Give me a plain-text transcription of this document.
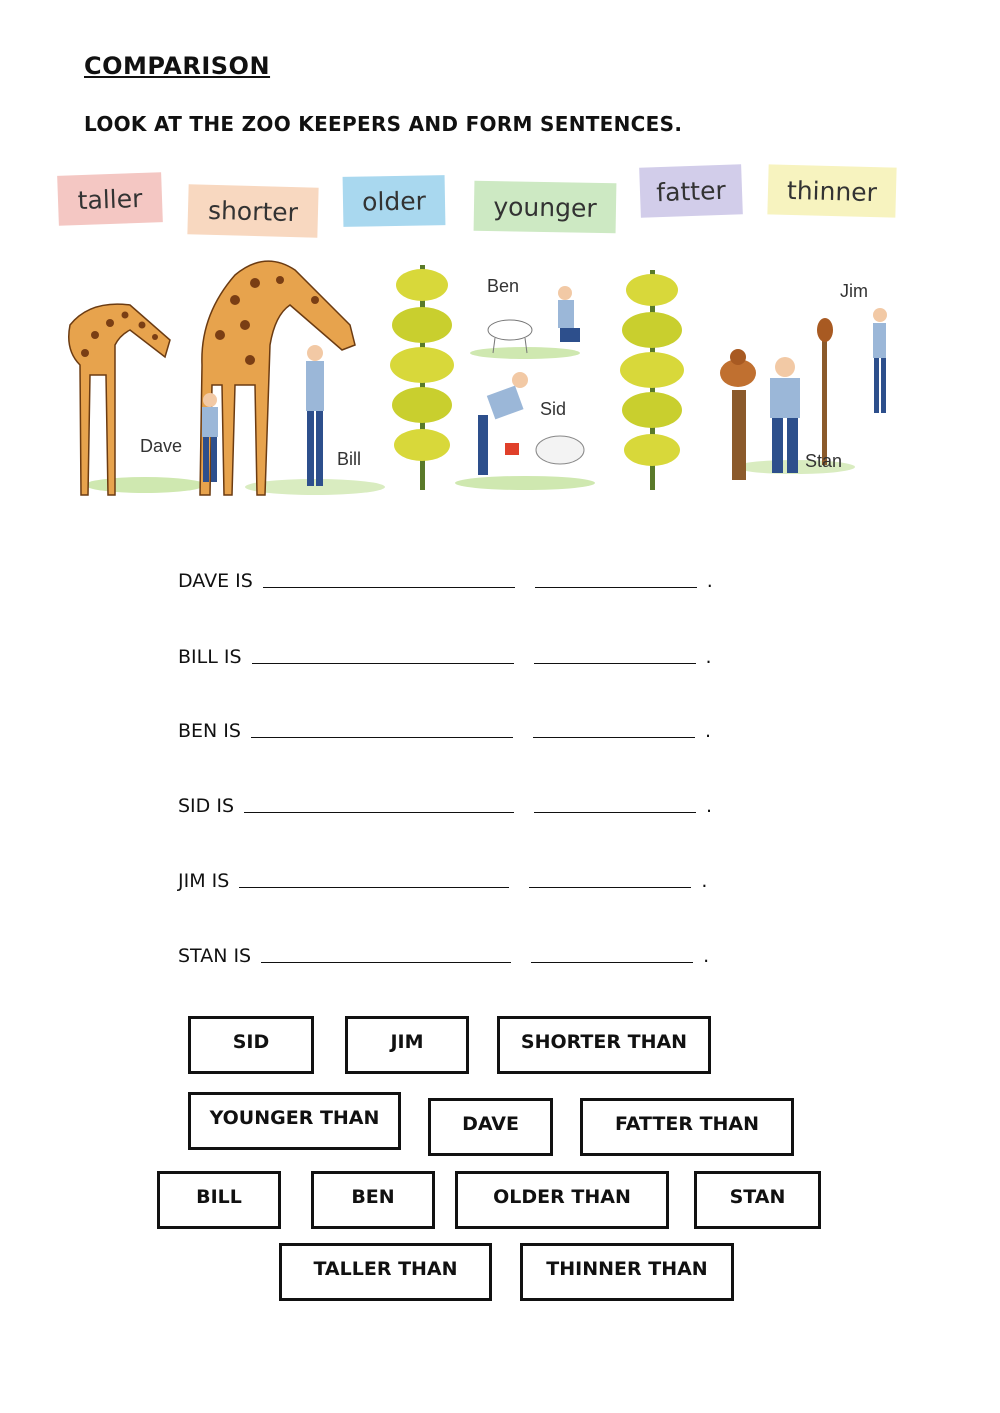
COMPARISON
LOOK AT THE ZOO KEEPERS AND FORM SENTENCES.
taller	shorter	older	younger
fatter	thinner
Dave
Bill
Ben
Sid
Jim
Stan
DAVE IS	.
BILL IS	.
BEN IS	.
SID IS	.
JIM IS	.
STAN IS	.
SID	JIM	SHORTER THAN
YOUNGER THAN	DAVE	FATTER THAN
BILL	BEN	OLDER THAN	STAN
TALLER THAN	THINNER THAN
